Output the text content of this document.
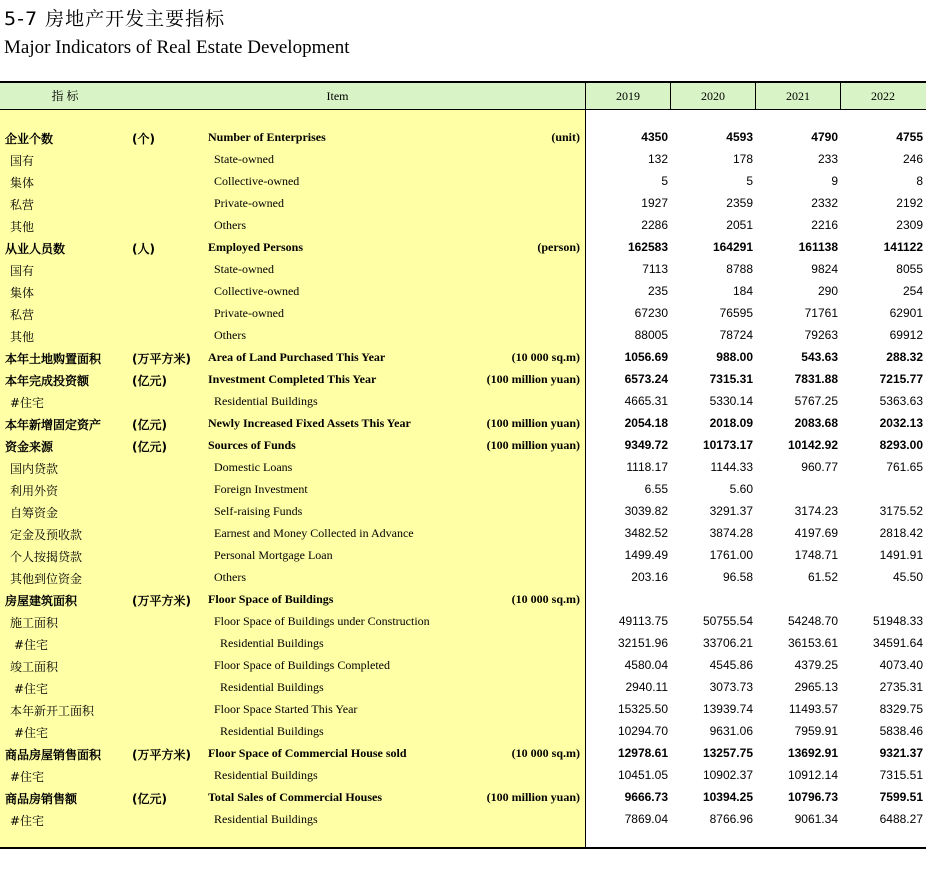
5-7 房地产开发主要指标
Major Indicators of Real Estate Development
指 标	Item	2019	2020	2021	2022
企业个数	(个)	Number of Enterprises	(unit)	4350	4593	4790	4755
国有	State-owned	132	178	233	246
集体	Collective-owned	5	5	9	8
私营	Private-owned	1927	2359	2332	2192
其他	Others	2286	2051	2216	2309
从业人员数	(人)	Employed Persons	(person)	162583	164291	161138	141122
国有	State-owned	7113	8788	9824	8055
集体	Collective-owned	235	184	290	254
私营	Private-owned	67230	76595	71761	62901
其他	Others	88005	78724	79263	69912
本年土地购置面积	(万平方米) Area of Land Purchased This Year	(10 000 sq.m)	1056.69	988.00	543.63	288.32
本年完成投资额	(亿元)	Investment Completed This Year	(100 million yuan)	6573.24	7315.31	7831.88	7215.77
#住宅	Residential Buildings	4665.31	5330.14	5767.25	5363.63
本年新增固定资产	(亿元)	Newly Increased Fixed Assets This Year	(100 million yuan)	2054.18	2018.09	2083.68	2032.13
资金来源	(亿元)	Sources of Funds	(100 million yuan)	9349.72	10173.17	10142.92	8293.00
国内贷款	Domestic Loans	1118.17	1144.33	960.77	761.65
利用外资	Foreign Investment	6.55	5.60
自筹资金	Self-raising Funds	3039.82	3291.37	3174.23	3175.52
定金及预收款	Earnest and Money Collected in Advance	3482.52	3874.28	4197.69	2818.42
个人按揭贷款	Personal Mortgage Loan	1499.49	1761.00	1748.71	1491.91
其他到位资金	Others	203.16	96.58	61.52	45.50
房屋建筑面积	(万平方米) Floor Space of Buildings	(10 000 sq.m)
施工面积	Floor Space of Buildings under Construction	49113.75	50755.54	54248.70	51948.33
#住宅	Residential Buildings	32151.96	33706.21	36153.61	34591.64
竣工面积	Floor Space of Buildings Completed	4580.04	4545.86	4379.25	4073.40
#住宅	Residential Buildings	2940.11	3073.73	2965.13	2735.31
本年新开工面积	Floor Space Started This Year	15325.50	13939.74	11493.57	8329.75
#住宅	Residential Buildings	10294.70	9631.06	7959.91	5838.46
商品房屋销售面积	(万平方米) Floor Space of Commercial House sold	(10 000 sq.m)	12978.61	13257.75	13692.91	9321.37
#住宅	Residential Buildings	10451.05	10902.37	10912.14	7315.51
商品房销售额	(亿元)	Total Sales of Commercial Houses	(100 million yuan)	9666.73	10394.25	10796.73	7599.51
#住宅	Residential Buildings	7869.04	8766.96	9061.34	6488.27
